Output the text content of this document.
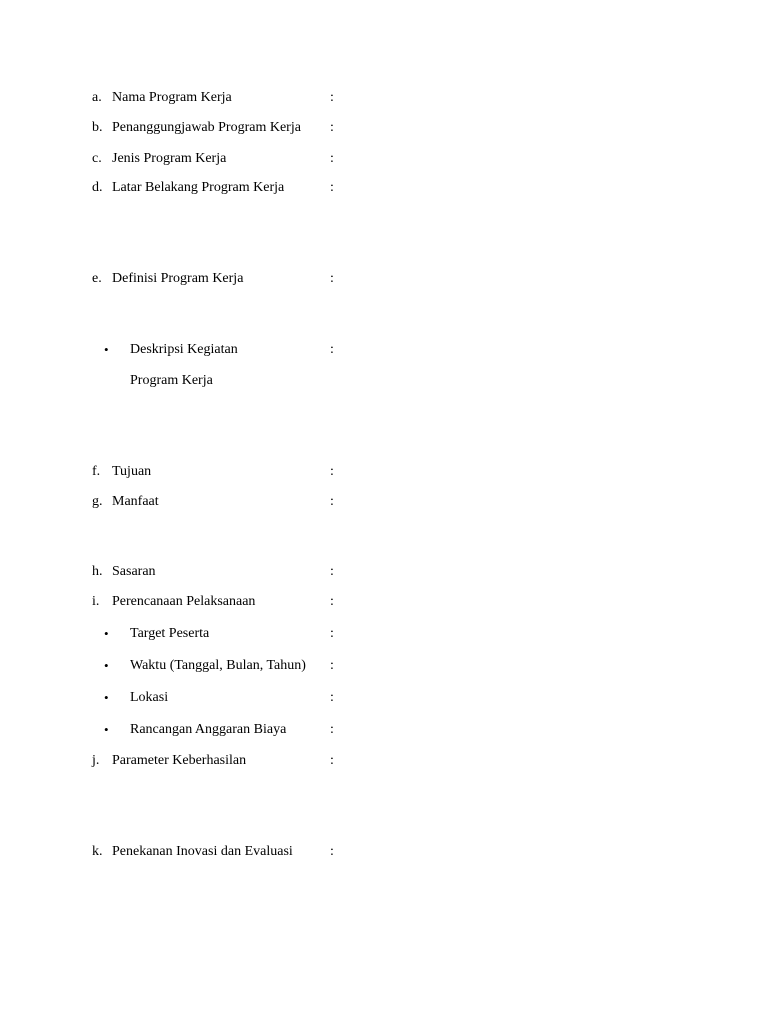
a. Nama Program Kerja	:
b. Penanggungjawab Program Kerja :
c. Jenis Program Kerja	:
d. Latar Belakang Program Kerja	:
e. Definisi Program Kerja	:
• Deskripsi Kegiatan	:
Program Kerja
f. Tujuan	:
g. Manfaat	:
h. Sasaran	:
i. Perencanaan Pelaksanaan	:
• Target Peserta	:
• Waktu (Tanggal, Bulan, Tahun) :
• Lokasi	:
• Rancangan Anggaran Biaya	:
j. Parameter Keberhasilan	:
k. Penekanan Inovasi dan Evaluasi	:
